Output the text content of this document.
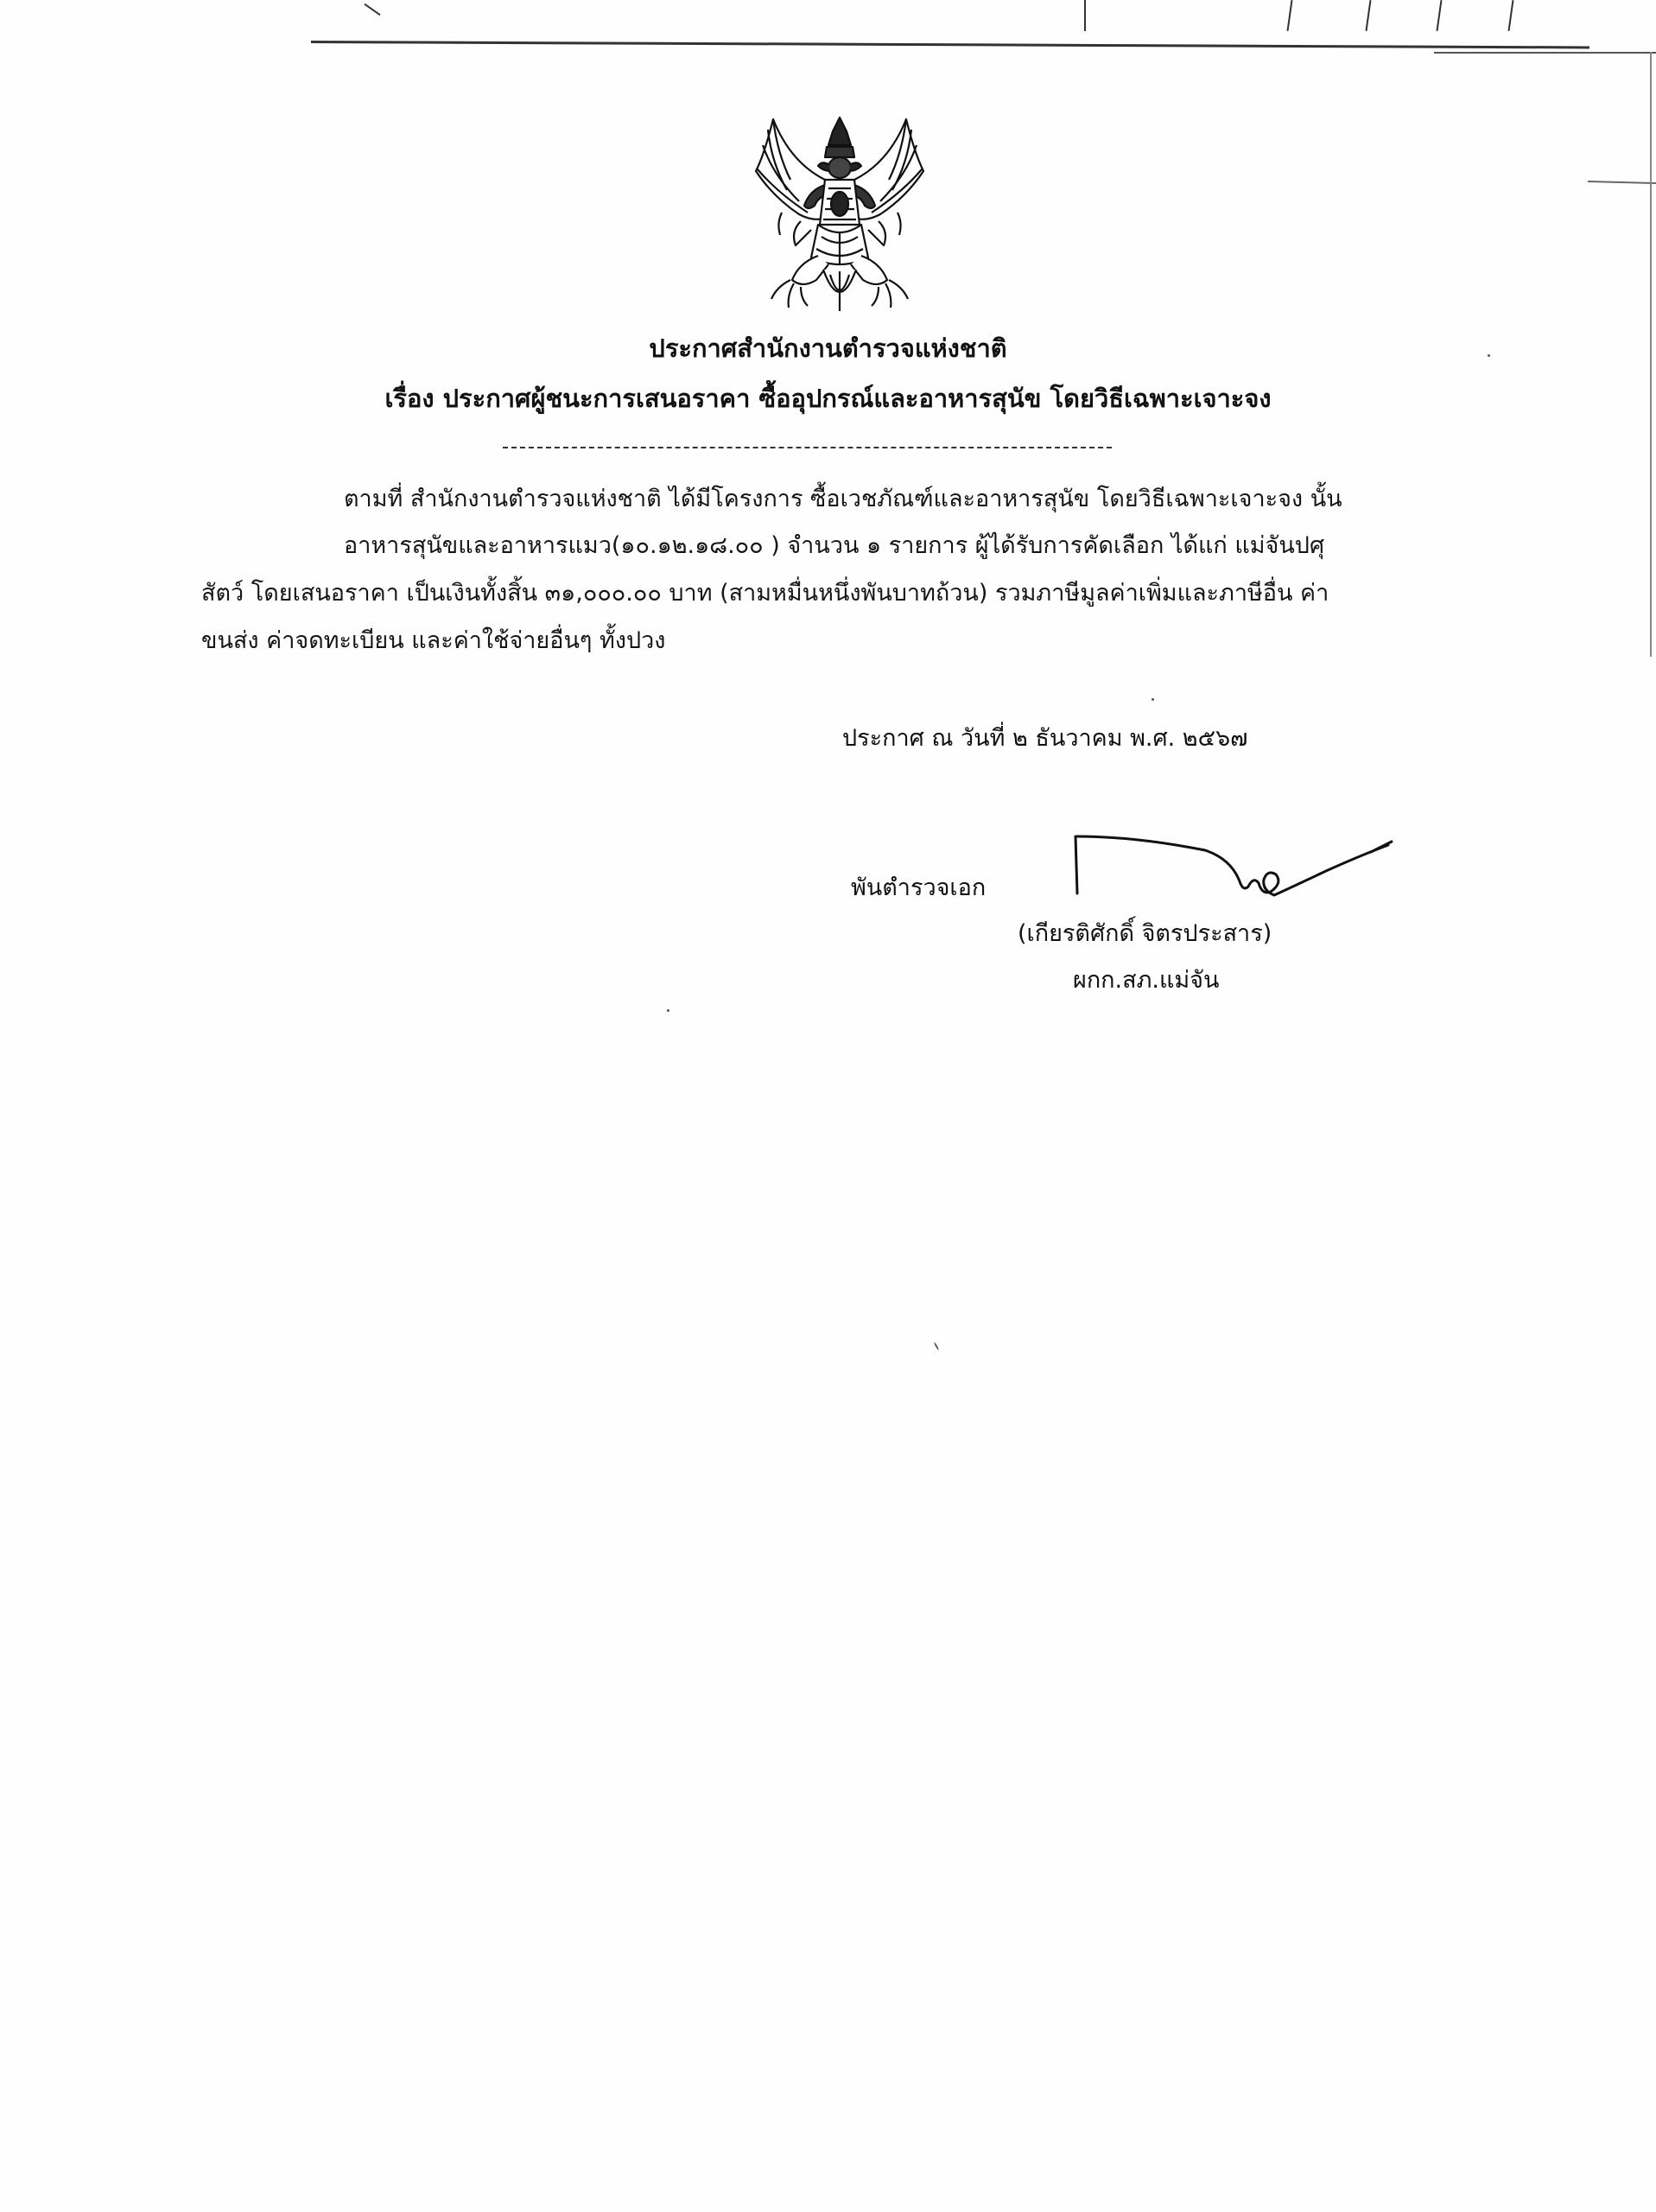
ประกาศสำนักงานตำรวจแห่งชาติ
เรื่อง ประกาศผู้ชนะการเสนอราคา ซื้ออุปกรณ์และอาหารสุนัข โดยวิธีเฉพาะเจาะจง
ตามที่ สำนักงานตำรวจแห่งชาติ ได้มีโครงการ ซื้อเวชภัณฑ์และอาหารสุนัข โดยวิธีเฉพาะเจาะจง นั้น
อาหารสุนัขและอาหารแมว(๑๐.๑๒.๑๘.๐๐ ) จำนวน ๑ รายการ ผู้ได้รับการคัดเลือก ได้แก่ แม่จันปศุ
สัตว์ โดยเสนอราคา เป็นเงินทั้งสิ้น ๓๑,๐๐๐.๐๐ บาท (สามหมื่นหนึ่งพันบาทถ้วน) รวมภาษีมูลค่าเพิ่มและภาษีอื่น ค่า
ขนส่ง ค่าจดทะเบียน และค่าใช้จ่ายอื่นๆ ทั้งปวง
ประกาศ ณ วันที่ ๒ ธันวาคม พ.ศ. ๒๕๖๗
พันตำรวจเอก
(เกียรติศักดิ์ จิตรประสาร)
ผกก.สภ.แม่จัน
